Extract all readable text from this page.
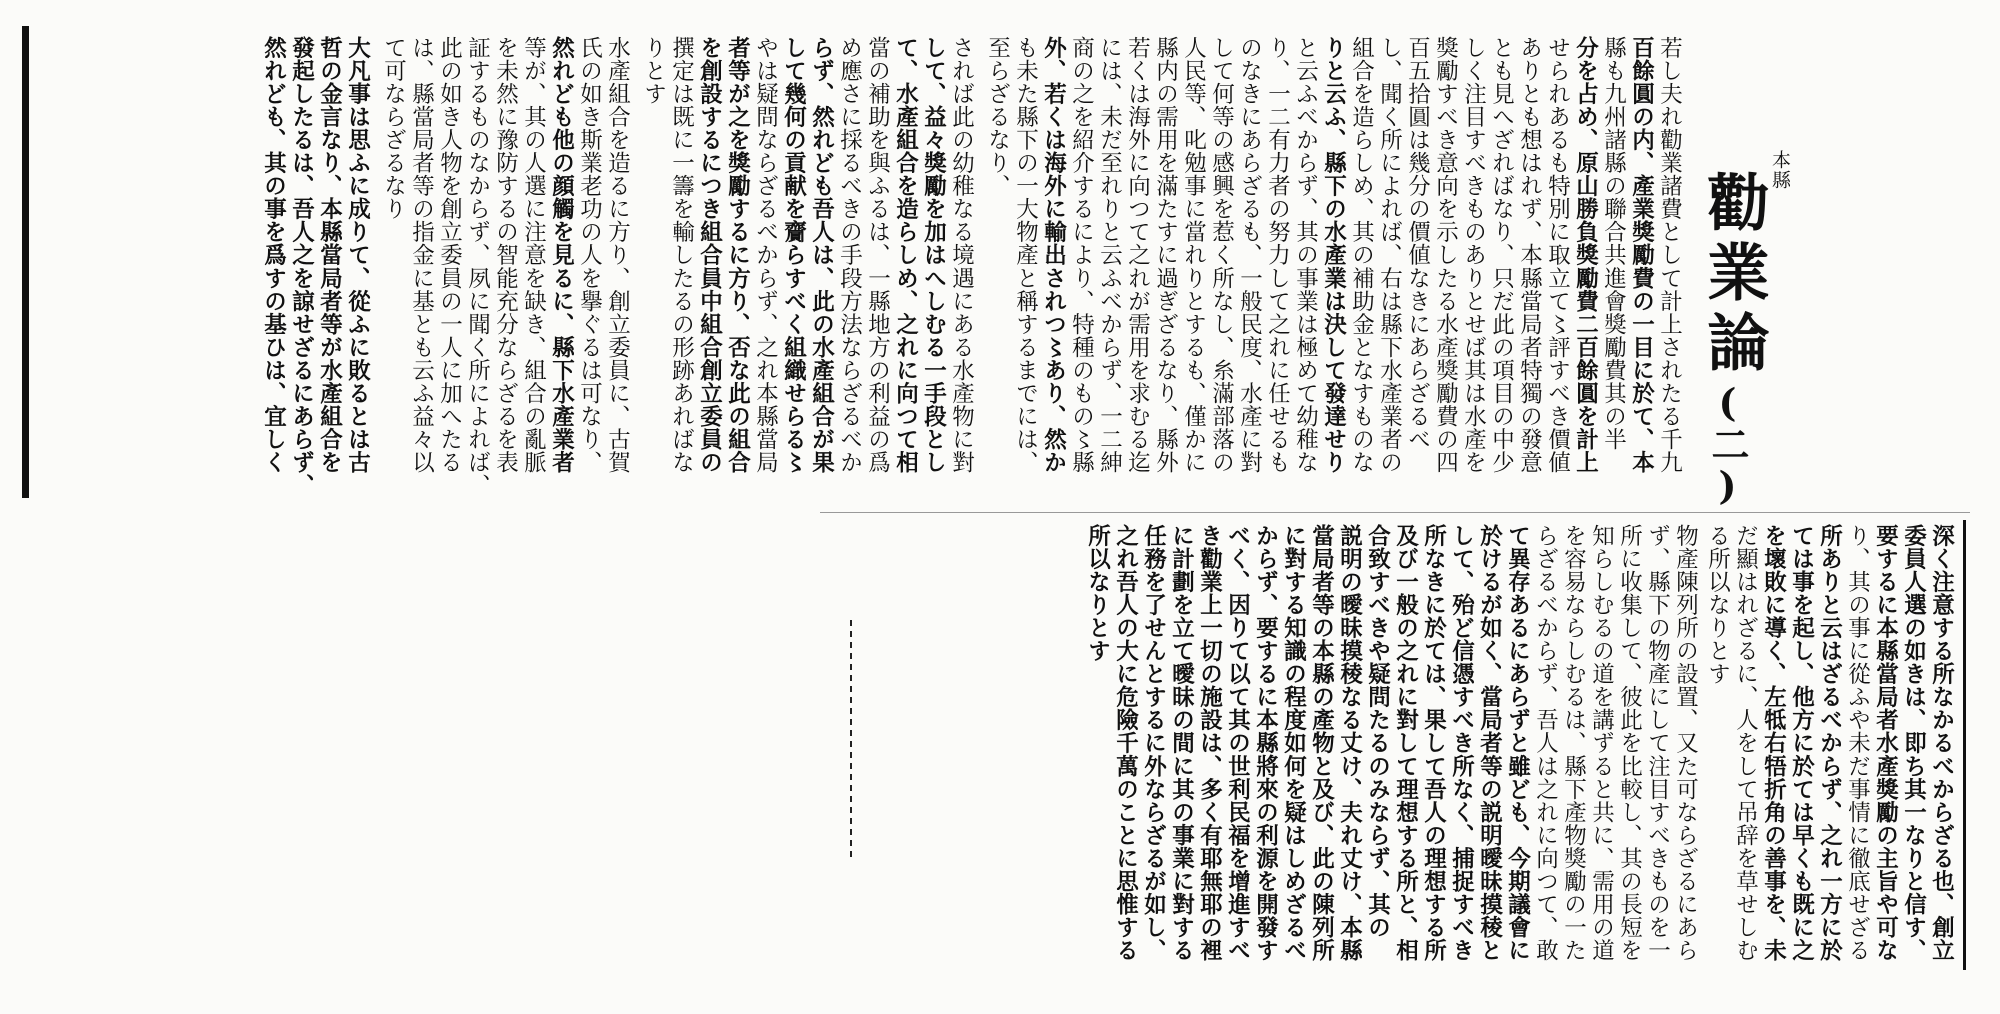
本縣
勸業論
(二)
若し夫れ勸業諸費として計上されたる千九
百餘圓の内、產業獎勵費の一目に於て、本
縣も九州諸縣の聯合共進會獎勵費其の半
分を占め、原山勝負獎勵費二百餘圓を計上
せられあるも特別に取立て〻評すべき價値
ありとも想はれず、本縣當局者特獨の發意
とも見へざればなり、只だ此の項目の中少
しく注目すべきものありとせば其は水產を
獎勵すべき意向を示したる水產獎勵費の四
百五拾圓は幾分の價値なきにあらざるべ
し、聞く所によれば、右は縣下水產業者の
組合を造らしめ、其の補助金となすものな
りと云ふ、縣下の水產業は決して發達せり
と云ふべからず、其の事業は極めて幼稚な
り、一二有力者の努力して之れに任せるも
のなきにあらざるも、一般民度、水產に對
して何等の感興を惹く所なし、糸滿部落の
人民等、叱勉事に當れりとするも、僅かに
縣内の需用を滿たすに過ぎざるなり、縣外
若くは海外に向つて之れが需用を求むる迄
には、未だ至れりと云ふべからず、一二紳
商の之を紹介するにより、特種のもの〻縣
外、若くは海外に輸出されつ〻あり、然か
も未た縣下の一大物產と稱するまでには、
至らざるなり、
されば此の幼稚なる境遇にある水產物に對
して、益々獎勵を加はへしむる一手段とし
て、水產組合を造らしめ、之れに向つて相
當の補助を與ふるは、一縣地方の利益の爲
め應さに採るべきの手段方法ならざるべか
らず、然れども吾人は、此の水產組合が果
して幾何の貢献を齎らすべく組織せらる〻
やは疑問ならざるべからず、之れ本縣當局
者等が之を獎勵するに方り、否な此の組合
を創設するにつき組合員中組合創立委員の
撰定は既に一籌を輸したるの形跡あればな
りとす
水產組合を造るに方り、創立委員に、古賀
氏の如き斯業老功の人を擧ぐるは可なり、
然れども他の顔觸を見るに、縣下水產業者
等が、其の人選に注意を缺き、組合の亂脈
を未然に豫防するの智能充分ならざるを表
証するものなからず、夙に聞く所によれば、
此の如き人物を創立委員の一人に加へたる
は、縣當局者等の指金に基とも云ふ益々以
て可ならざるなり
大凡事は思ふに成りて、從ふに敗るとは古
哲の金言なり、本縣當局者等が水產組合を
發起したるは、吾人之を諒せざるにあらず、
然れども、其の事を爲すの基ひは、宜しく
深く注意する所なかるべからざる也、創立
委員人選の如きは、即ち其一なりと信す、
要するに本縣當局者水產獎勵の主旨や可な
り、其の事に從ふや未だ事情に徹底せざる
所ありと云はざるべからず、之れ一方に於
ては事を起し、他方に於ては早くも既に之
を壞敗に導く、左牴右牾折角の善事を、未
だ顯はれざるに、人をして吊辞を草せしむ
る所以なりとす
物產陳列所の設置、又た可ならざるにあら
ず、縣下の物產にして注目すべきものを一
所に收集して、彼此を比較し、其の長短を
知らしむるの道を講ずると共に、需用の道
を容易ならしむるは、縣下產物獎勵の一た
らざるべからず、吾人は之れに向つて、敢
て異存あるにあらずと雖ども、今期議會に
於けるが如く、當局者等の説明曖昧摸稜と
して、殆ど信憑すべき所なく、捕捉すべき
所なきに於ては、果して吾人の理想する所
及び一般の之れに對して理想する所と、相
合致すべきや疑問たるのみならず、其の
説明の曖昧摸稜なる丈け、夫れ丈け、本縣
當局者等の本縣の產物と及び、此の陳列所
に對する知識の程度如何を疑はしめざるべ
からず、要するに本縣將來の利源を開發す
べく、因りて以て其の世利民福を增進すべ
き勸業上一切の施設は、多く有耶無耶の裡
に計劃を立て曖昧の間に其の事業に對する
任務を了せんとするに外ならざるが如し、
之れ吾人の大に危險千萬のことに思惟する
所以なりとす
